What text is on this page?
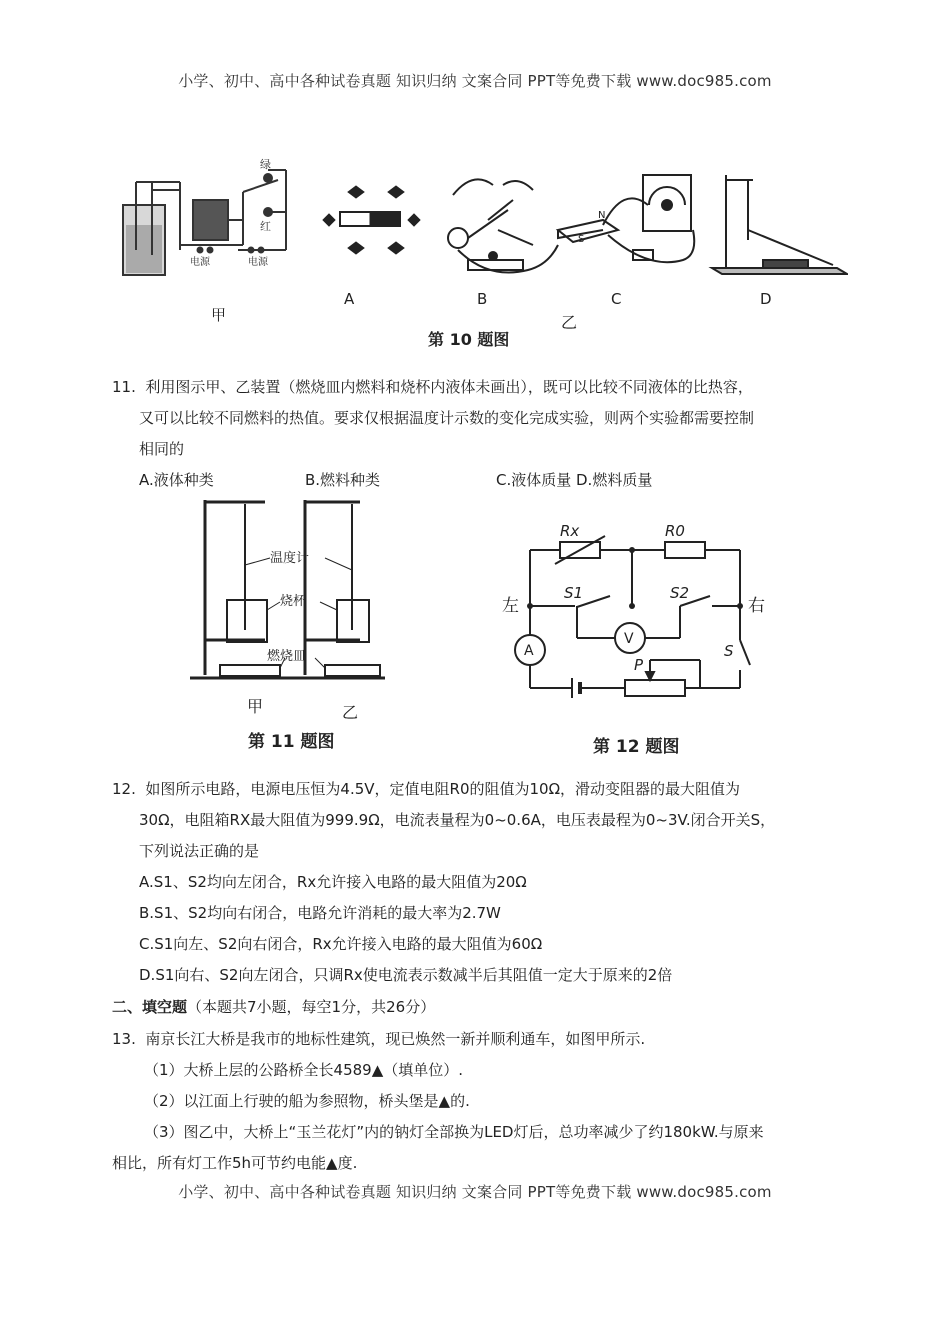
小学、初中、高中各种试卷真题 知识归纳 文案合同 PPT等免费下载 www.doc985.com
绿
红
电源	电源
N
S
甲
A	B	C	D
乙
第 10 题图
11. 利用图示甲、乙装置（燃烧皿内燃料和烧杯内液体未画出），既可以比较不同液体的比热容，
又可以比较不同燃料的热值。要求仅根据温度计示数的变化完成实验，则两个实验都需要控制
相同的
A.液体种类	B.燃料种类	C.液体质量 D.燃料质量
温度计
烧杯
燃烧皿
甲	乙
第 11 题图
Rx	R0
左	右
S1	S2
S
P
A
V
第 12 题图
12. 如图所示电路，电源电压恒为4.5V，定值电阻R0的阻值为10Ω，滑动变阻器的最大阻值为
30Ω，电阻箱RX最大阻值为999.9Ω，电流表量程为0~0.6A，电压表最程为0~3V.闭合开关S，
下列说法正确的是
A.S1、S2均向左闭合，Rx允许接入电路的最大阻值为20Ω
B.S1、S2均向右闭合，电路允许消耗的最大率为2.7W
C.S1向左、S2向右闭合，Rx允许接入电路的最大阻值为60Ω
D.S1向右、S2向左闭合，只调Rx使电流表示数减半后其阻值一定大于原来的2倍
二、填空题（本题共7小题，每空1分，共26分）
13. 南京长江大桥是我市的地标性建筑，现已焕然一新并顺利通车，如图甲所示.
（1）大桥上层的公路桥全长4589▲（填单位）.
（2）以江面上行驶的船为参照物，桥头堡是▲的.
（3）图乙中，大桥上“玉兰花灯”内的钠灯全部换为LED灯后，总功率减少了约180kW.与原来
相比，所有灯工作5h可节约电能▲度.
小学、初中、高中各种试卷真题 知识归纳 文案合同 PPT等免费下载 www.doc985.com
